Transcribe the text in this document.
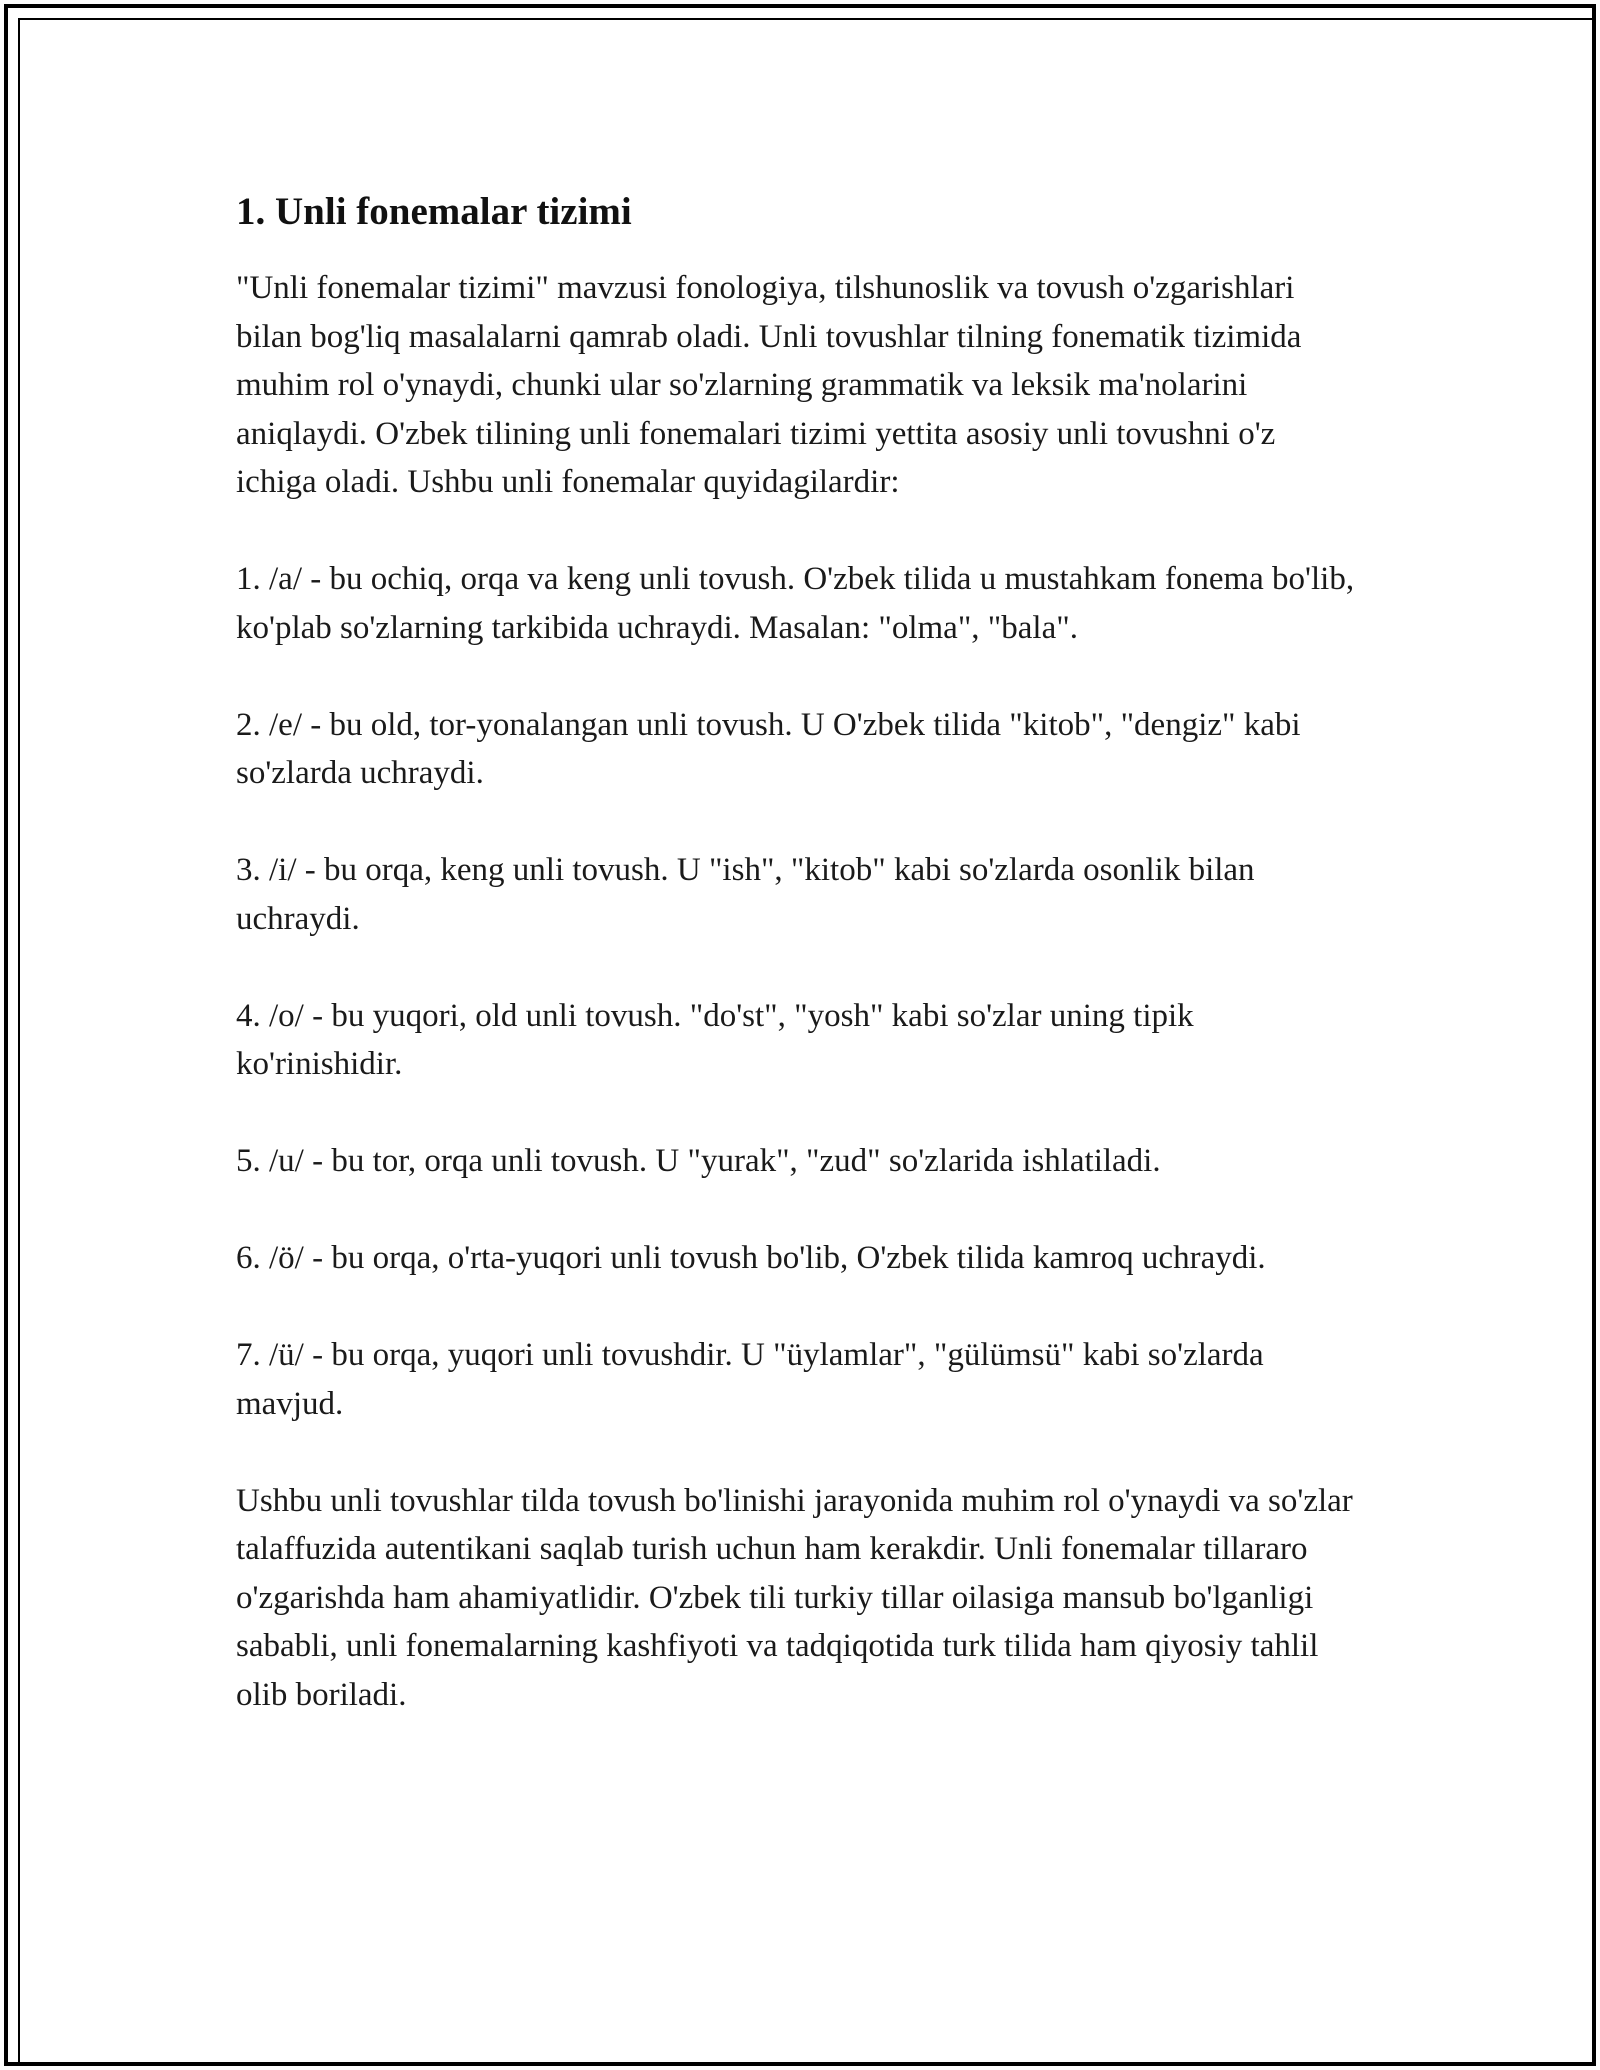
1. Unli fonemalar tizimi

"Unli fonemalar tizimi" mavzusi fonologiya, tilshunoslik va tovush o'zgarishlari bilan bog'liq masalalarni qamrab oladi. Unli tovushlar tilning fonematik tizimida muhim rol o'ynaydi, chunki ular so'zlarning grammatik va leksik ma'nolarini aniqlaydi. O'zbek tilining unli fonemalari tizimi yettita asosiy unli tovushni o'z ichiga oladi. Ushbu unli fonemalar quyidagilardir:

1. /a/ - bu ochiq, orqa va keng unli tovush. O'zbek tilida u mustahkam fonema bo'lib, ko'plab so'zlarning tarkibida uchraydi. Masalan: "olma", "bala".

2. /e/ - bu old, tor-yonalangan unli tovush. U O'zbek tilida "kitob", "dengiz" kabi so'zlarda uchraydi.

3. /i/ - bu orqa, keng unli tovush. U "ish", "kitob" kabi so'zlarda osonlik bilan uchraydi.

4. /o/ - bu yuqori, old unli tovush. "do'st", "yosh" kabi so'zlar uning tipik ko'rinishidir.

5. /u/ - bu tor, orqa unli tovush. U "yurak", "zud" so'zlarida ishlatiladi.

6. /ö/ - bu orqa, o'rta-yuqori unli tovush bo'lib, O'zbek tilida kamroq uchraydi.

7. /ü/ - bu orqa, yuqori unli tovushdir. U "üylamlar", "gülümsü" kabi so'zlarda mavjud.

Ushbu unli tovushlar tilda tovush bo'linishi jarayonida muhim rol o'ynaydi va so'zlar talaffuzida autentikani saqlab turish uchun ham kerakdir. Unli fonemalar tillararo o'zgarishda ham ahamiyatlidir. O'zbek tili turkiy tillar oilasiga mansub bo'lganligi sababli, unli fonemalarning kashfiyoti va tadqiqotida turk tilida ham qiyosiy tahlil olib boriladi.
